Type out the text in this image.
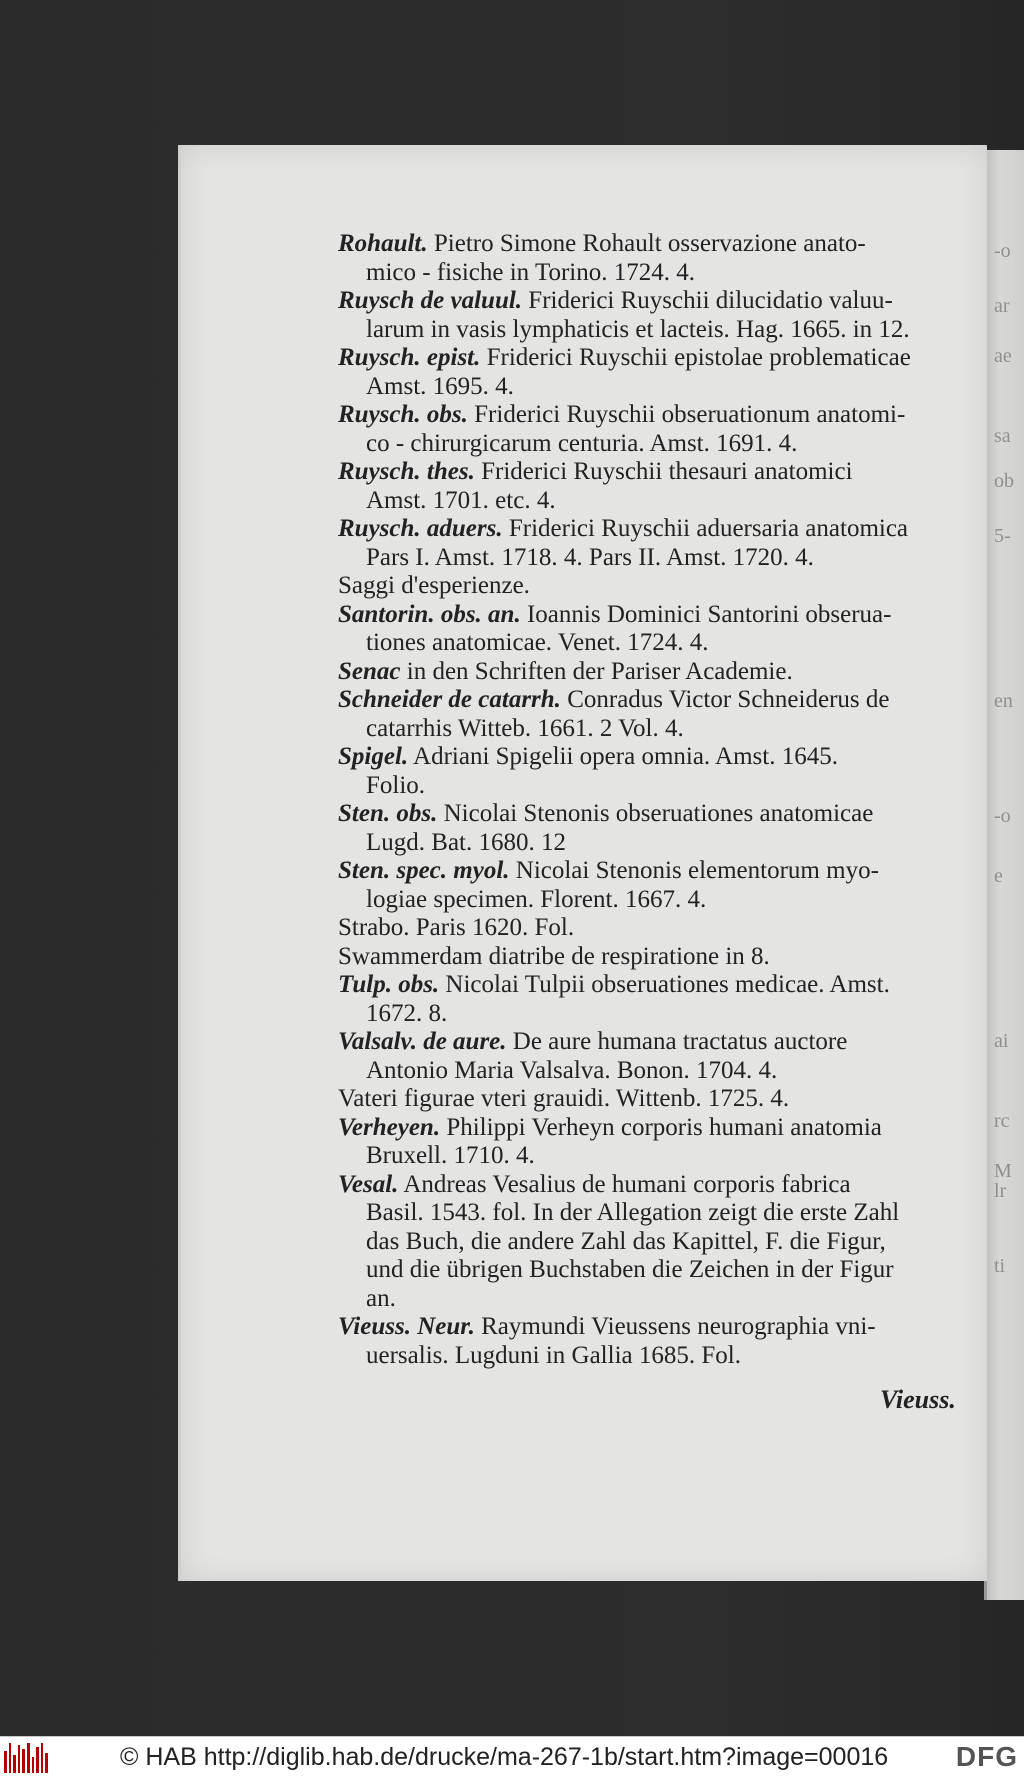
-o
ar
ae
sa
ob
5-
en
-o
e
ai
rc
M
lr
ti
Rohault. Pietro Simone Rohault osservazione anato-
mico - fisiche in Torino. 1724. 4.
Ruysch de valuul. Friderici Ruyschii dilucidatio valuu-
larum in vasis lymphaticis et lacteis. Hag. 1665. in 12.
Ruysch. epist. Friderici Ruyschii epistolae problematicae
Amst. 1695. 4.
Ruysch. obs. Friderici Ruyschii obseruationum anatomi-
co - chirurgicarum centuria. Amst. 1691. 4.
Ruysch. thes. Friderici Ruyschii thesauri anatomici
Amst. 1701. etc. 4.
Ruysch. aduers. Friderici Ruyschii aduersaria anatomica
Pars I. Amst. 1718. 4. Pars II. Amst. 1720. 4.
Saggi d'esperienze.
Santorin. obs. an. Ioannis Dominici Santorini obserua-
tiones anatomicae. Venet. 1724. 4.
Senac in den Schriften der Pariser Academie.
Schneider de catarrh. Conradus Victor Schneiderus de
catarrhis Witteb. 1661. 2 Vol. 4.
Spigel. Adriani Spigelii opera omnia. Amst. 1645.
Folio.
Sten. obs. Nicolai Stenonis obseruationes anatomicae
Lugd. Bat. 1680. 12
Sten. spec. myol. Nicolai Stenonis elementorum myo-
logiae specimen. Florent. 1667. 4.
Strabo. Paris 1620. Fol.
Swammerdam diatribe de respiratione in 8.
Tulp. obs. Nicolai Tulpii obseruationes medicae. Amst.
1672. 8.
Valsalv. de aure. De aure humana tractatus auctore
Antonio Maria Valsalva. Bonon. 1704. 4.
Vateri figurae vteri grauidi. Wittenb. 1725. 4.
Verheyen. Philippi Verheyn corporis humani anatomia
Bruxell. 1710. 4.
Vesal. Andreas Vesalius de humani corporis fabrica
Basil. 1543. fol. In der Allegation zeigt die erste Zahl
das Buch, die andere Zahl das Kapittel, F. die Figur,
und die übrigen Buchstaben die Zeichen in der Figur
an.
Vieuss. Neur. Raymundi Vieussens neurographia vni-
uersalis. Lugduni in Gallia 1685. Fol.
Vieuss.
© HAB http://diglib.hab.de/drucke/ma-267-1b/start.htm?image=00016 DFG
